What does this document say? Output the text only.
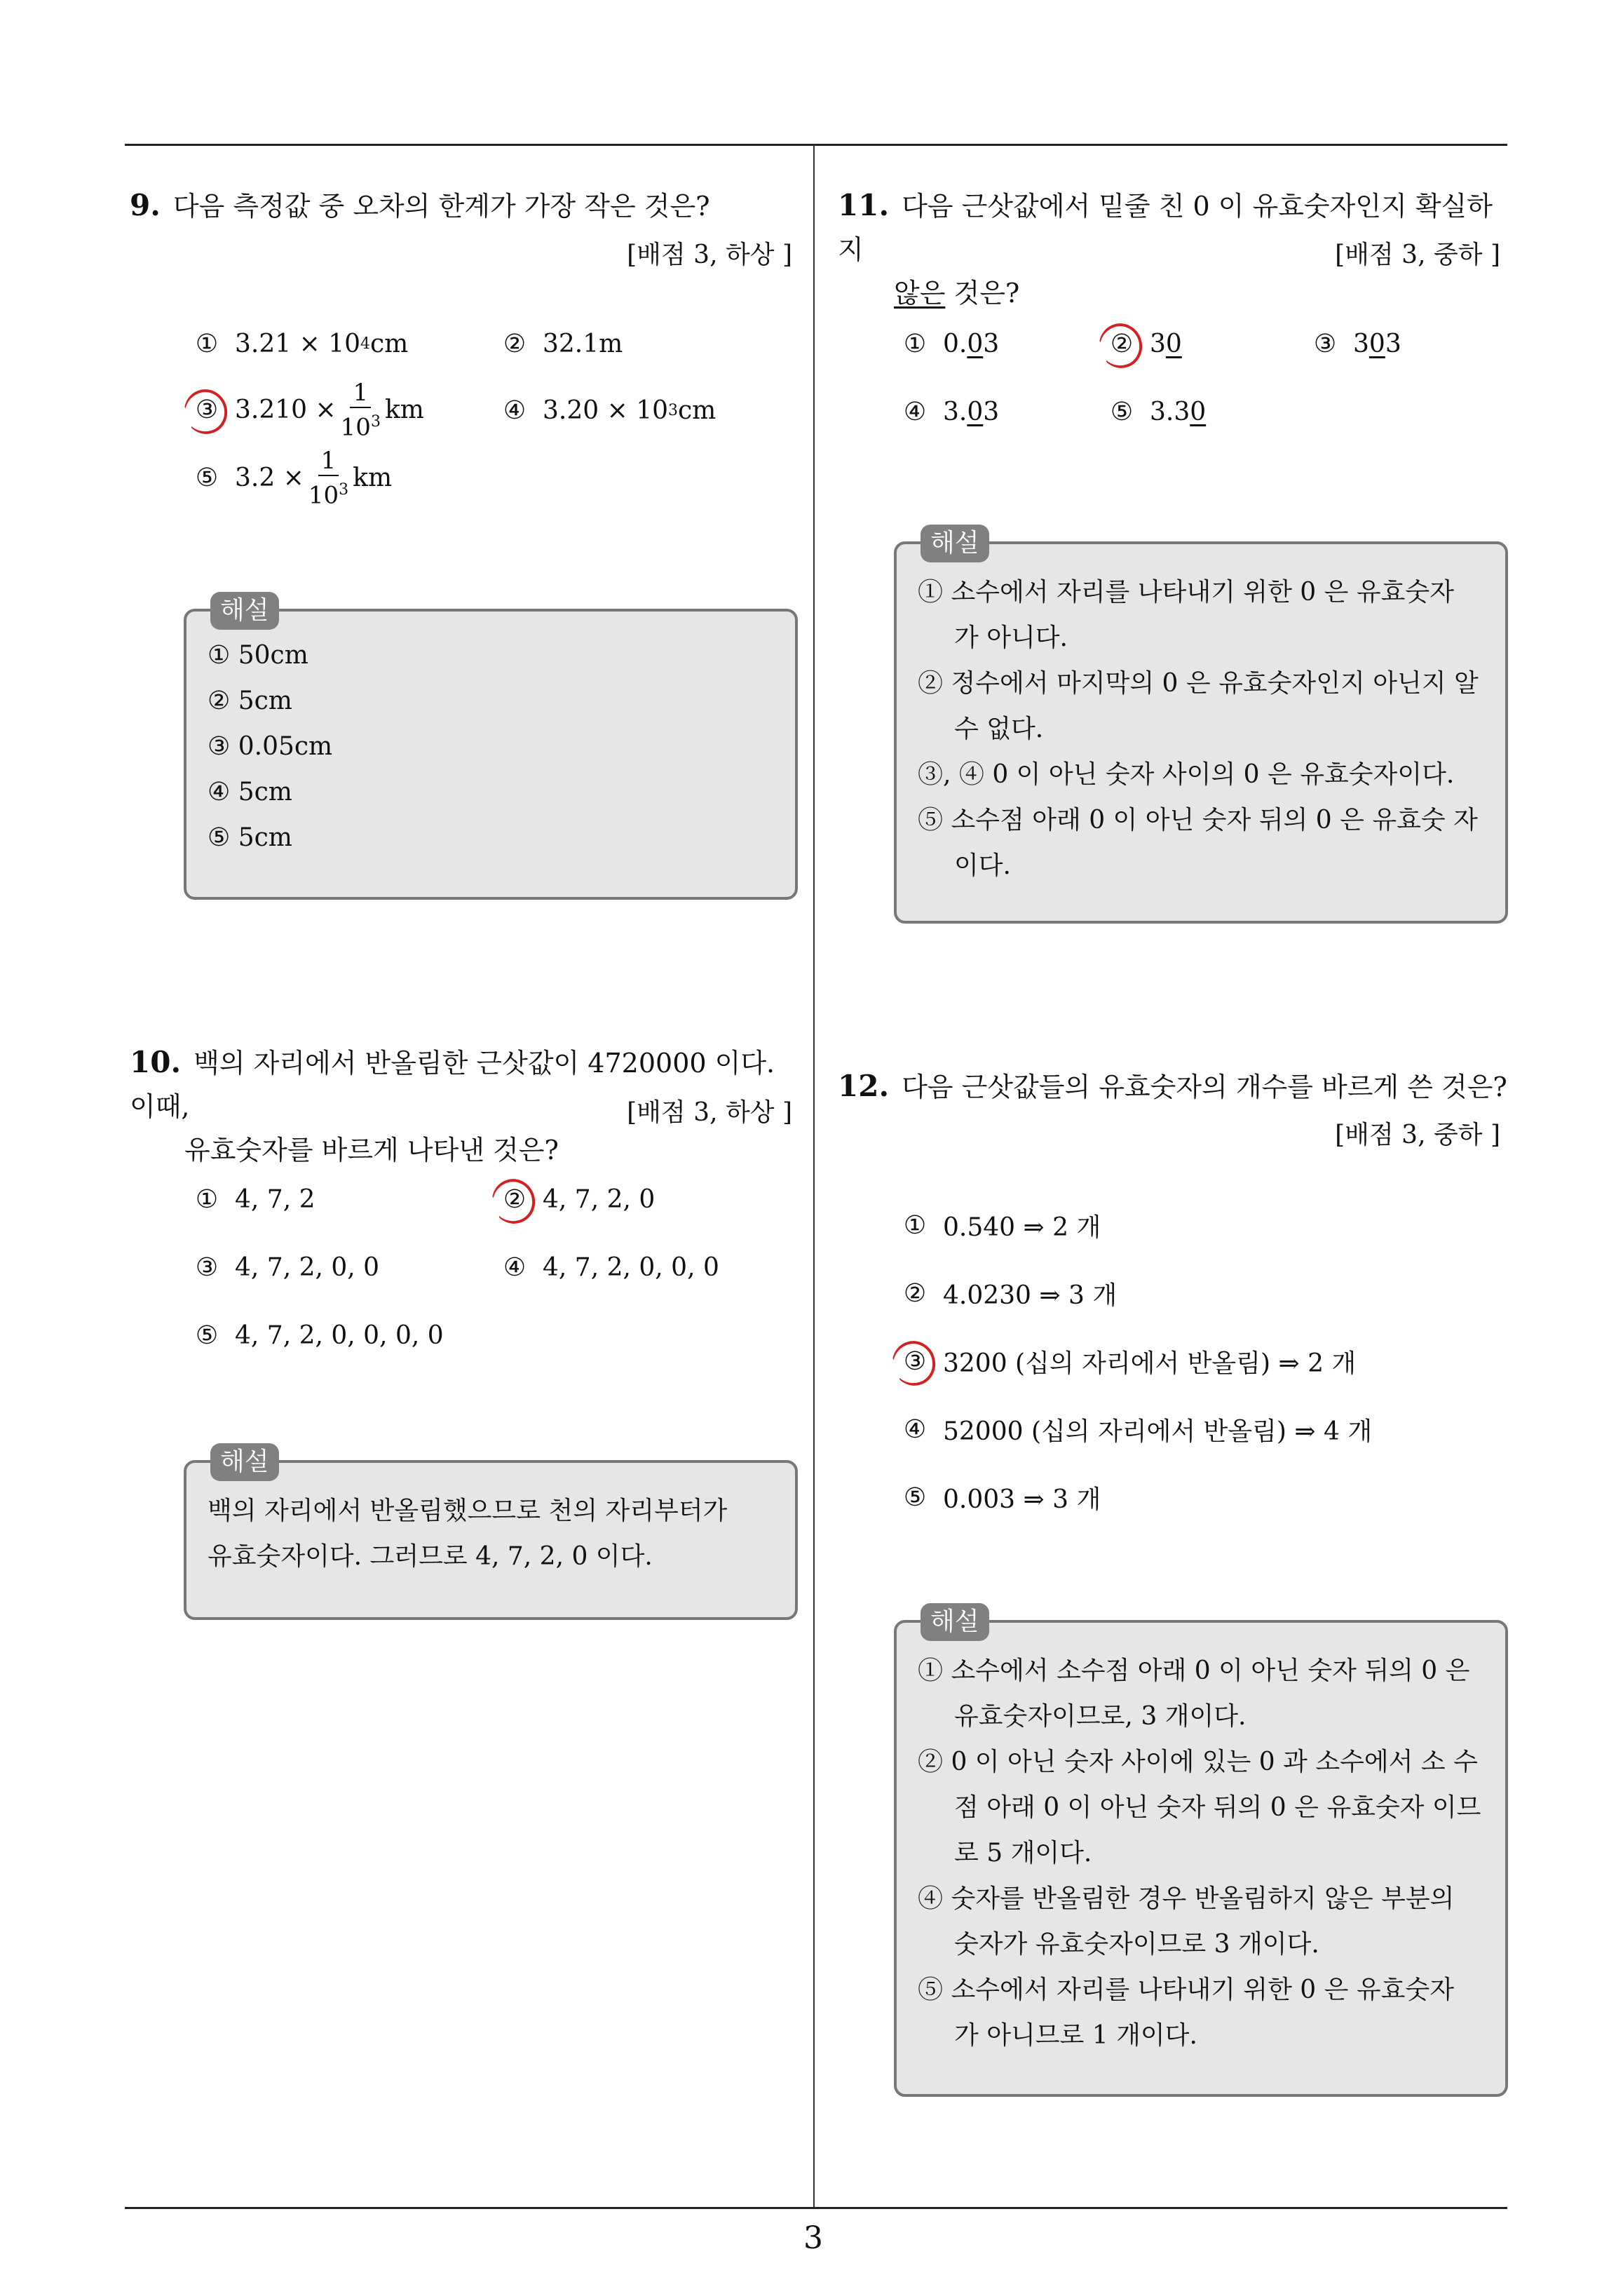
9. 다음 측정값 중 오차의 한계가 가장 작은 것은?
[배점 3, 하상 ]
① 3.21 × 10 4 cm	② 32.1m
③ $3.210 \times \frac{1}{10^3}$ km	④ 3.20 × 10 3 cm
⑤ $3.2 \times \frac{1}{10^3}$ km
해설
① 50cm
② 5cm
③ 0.05cm
④ 5cm
⑤ 5cm
10. 백의 자리에서 반올림한 근삿값이 4720000 이다. 이때,
유효숫자를 바르게 나타낸 것은?
[배점 3, 하상 ]
① 4, 7, 2	② 4, 7, 2, 0
③ 4, 7, 2, 0, 0	④ 4, 7, 2, 0, 0, 0
⑤ 4, 7, 2, 0, 0, 0, 0
해설
백의 자리에서 반올림했으므로 천의 자리부터가
유효숫자이다. 그러므로 4, 7, 2, 0 이다.
11. 다음 근삿값에서 밑줄 친 0 이 유효숫자인지 확실하지
않은 것은?
[배점 3, 중하 ]
① 0. 0 3	② 3 0	③ 3 0 3
④ 3. 0 3	⑤ 3.3 0
해설
① 소수에서 자리를 나타내기 위한 0 은 유효숫자 가 아니다.
② 정수에서 마지막의 0 은 유효숫자인지 아닌지 알 수 없다.
③, ④ 0 이 아닌 숫자 사이의 0 은 유효숫자이다.
⑤ 소수점 아래 0 이 아닌 숫자 뒤의 0 은 유효숫 자이다.
12. 다음 근삿값들의 유효숫자의 개수를 바르게 쓴 것은?
[배점 3, 중하 ]
① 0.540 ⇒ 2 개
② 4.0230 ⇒ 3 개
③ 3200 (십의 자리에서 반올림) ⇒ 2 개
④ 52000 (십의 자리에서 반올림) ⇒ 4 개
⑤ 0.003 ⇒ 3 개
해설
① 소수에서 소수점 아래 0 이 아닌 숫자 뒤의 0 은 유효숫자이므로, 3 개이다.
② 0 이 아닌 숫자 사이에 있는 0 과 소수에서 소 수점 아래 0 이 아닌 숫자 뒤의 0 은 유효숫자 이므로 5 개이다.
④ 숫자를 반올림한 경우 반올림하지 않은 부분의 숫자가 유효숫자이므로 3 개이다.
⑤ 소수에서 자리를 나타내기 위한 0 은 유효숫자 가 아니므로 1 개이다.
3
